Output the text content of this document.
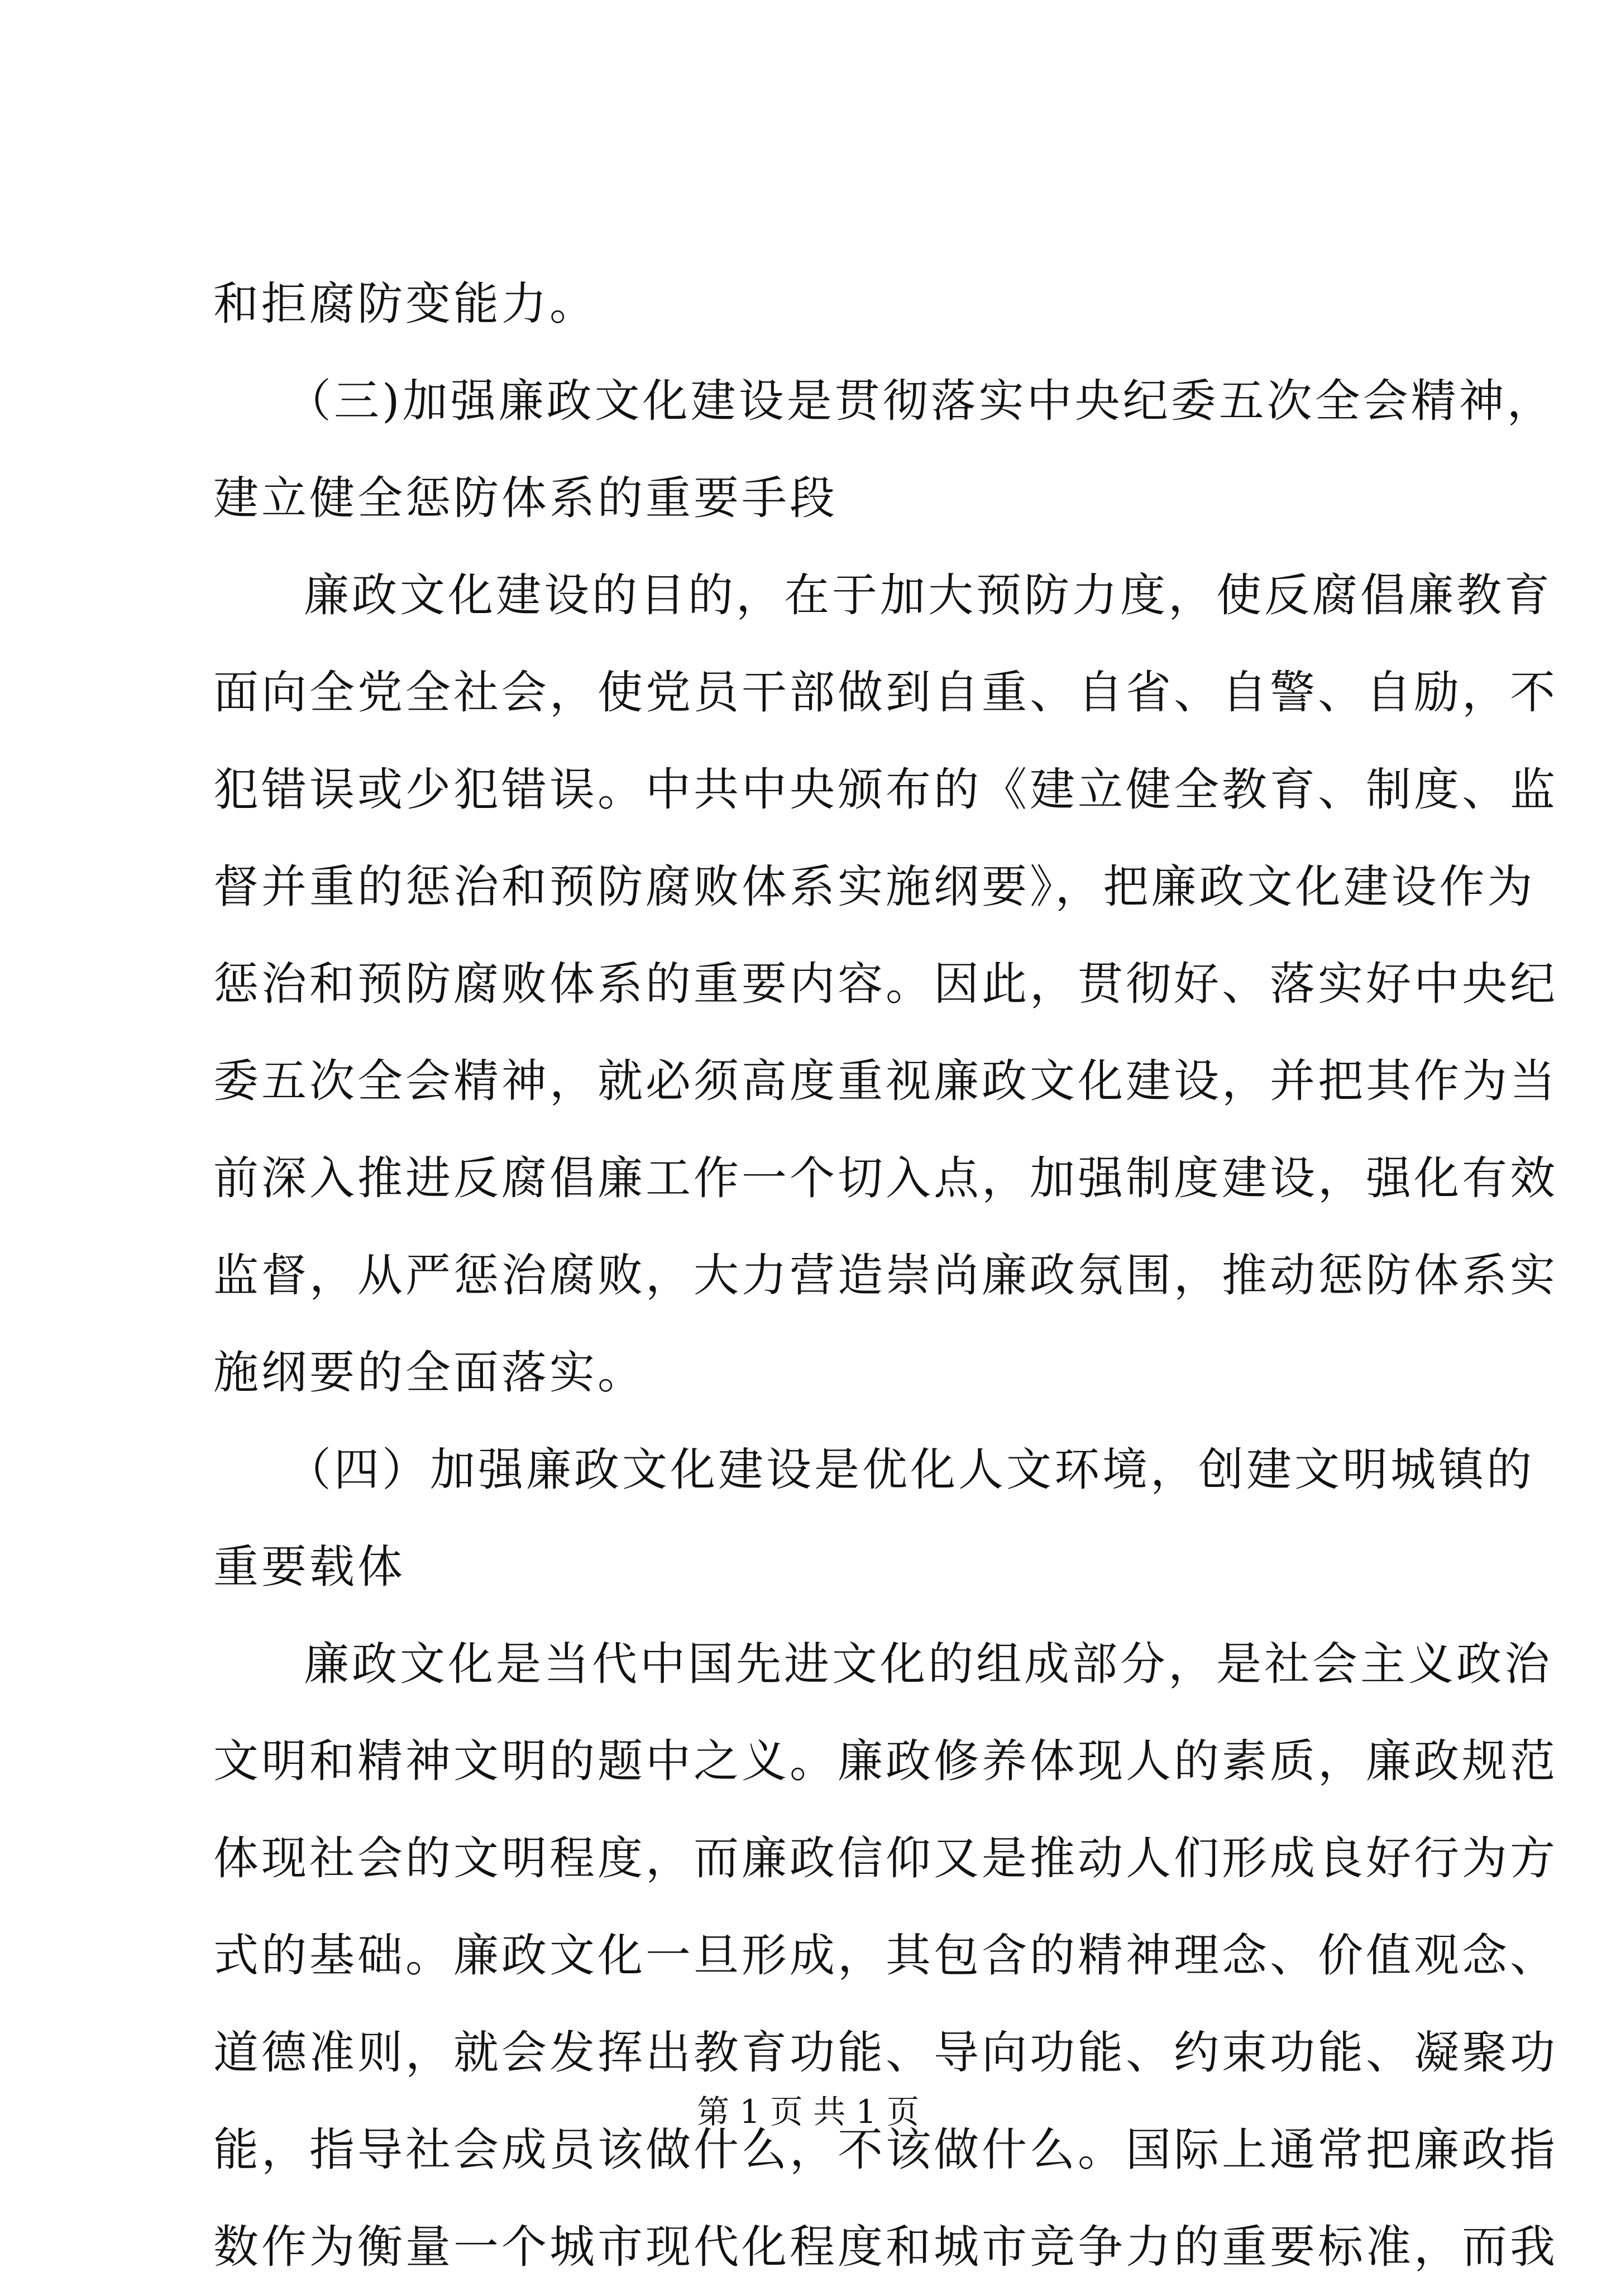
和拒腐防变能力。
（三)加强廉政文化建设是贯彻落实中央纪委五次全会精神，
建立健全惩防体系的重要手段
廉政文化建设的目的，在于加大预防力度，使反腐倡廉教育
面向全党全社会，使党员干部做到自重、自省、自警、自励，不
犯错误或少犯错误。中共中央颁布的《建立健全教育、制度、监
督并重的惩治和预防腐败体系实施纲要》，把廉政文化建设作为
惩治和预防腐败体系的重要内容。因此，贯彻好、落实好中央纪
委五次全会精神，就必须高度重视廉政文化建设，并把其作为当
前深入推进反腐倡廉工作一个切入点，加强制度建设，强化有效
监督，从严惩治腐败，大力营造崇尚廉政氛围，推动惩防体系实
施纲要的全面落实。
（四）加强廉政文化建设是优化人文环境，创建文明城镇的
重要载体
廉政文化是当代中国先进文化的组成部分，是社会主义政治
文明和精神文明的题中之义。廉政修养体现人的素质，廉政规范
体现社会的文明程度，而廉政信仰又是推动人们形成良好行为方
式的基础。廉政文化一旦形成，其包含的精神理念、价值观念、
道德准则，就会发挥出教育功能、导向功能、约束功能、凝聚功
能，指导社会成员该做什么，不该做什么。国际上通常把廉政指
数作为衡量一个城市现代化程度和城市竞争力的重要标准，而我
第 1 页 共 1 页
